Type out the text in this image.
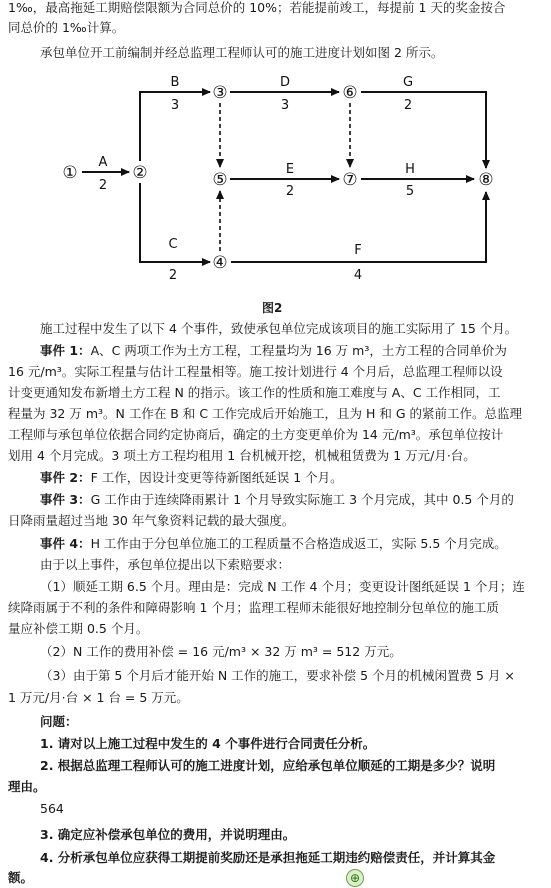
1‰，最高拖延工期赔偿限额为合同总价的 10%；若能提前竣工，每提前 1 天的奖金按合
同总价的 1‰计算。
承包单位开工前编制并经总监理工程师认可的施工进度计划如图 2 所示。
①	②
③
④
⑤
⑥
⑦	⑧
A
2
B
3
C
2
D
3
E
2
F
4
G
2
H
5
图2
施工过程中发生了以下 4 个事件，致使承包单位完成该项目的施工实际用了 15 个月。
事件 1：A、C 两项工作为土方工程，工程量均为 16 万 m³，土方工程的合同单价为
16 元/m³。实际工程量与估计工程量相等。施工按计划进行 4 个月后，总监理工程师以设
计变更通知发布新增土方工程 N 的指示。该工作的性质和施工难度与 A、C 工作相同，工
程量为 32 万 m³。N 工作在 B 和 C 工作完成后开始施工，且为 H 和 G 的紧前工作。总监理
工程师与承包单位依据合同约定协商后，确定的土方变更单价为 14 元/m³。承包单位按计
划用 4 个月完成。3 项土方工程均租用 1 台机械开挖，机械租赁费为 1 万元/月·台。
事件 2：F 工作，因设计变更等待新图纸延误 1 个月。
事件 3：G 工作由于连续降雨累计 1 个月导致实际施工 3 个月完成，其中 0.5 个月的
日降雨量超过当地 30 年气象资料记载的最大强度。
事件 4：H 工作由于分包单位施工的工程质量不合格造成返工，实际 5.5 个月完成。
由于以上事件，承包单位提出以下索赔要求：
（1）顺延工期 6.5 个月。理由是：完成 N 工作 4 个月；变更设计图纸延误 1 个月；连
续降雨属于不利的条件和障碍影响 1 个月；监理工程师未能很好地控制分包单位的施工质
量应补偿工期 0.5 个月。
（2）N 工作的费用补偿 = 16 元/m³ × 32 万 m³ = 512 万元。
（3）由于第 5 个月后才能开始 N 工作的施工，要求补偿 5 个月的机械闲置费 5 月 ×
1 万元/月·台 × 1 台 = 5 万元。
问题：
1. 请对以上施工过程中发生的 4 个事件进行合同责任分析。
2. 根据总监理工程师认可的施工进度计划，应给承包单位顺延的工期是多少？说明
理由。
564
3. 确定应补偿承包单位的费用，并说明理由。
4. 分析承包单位应获得工期提前奖励还是承担拖延工期违约赔偿责任，并计算其金
额。	⊕
